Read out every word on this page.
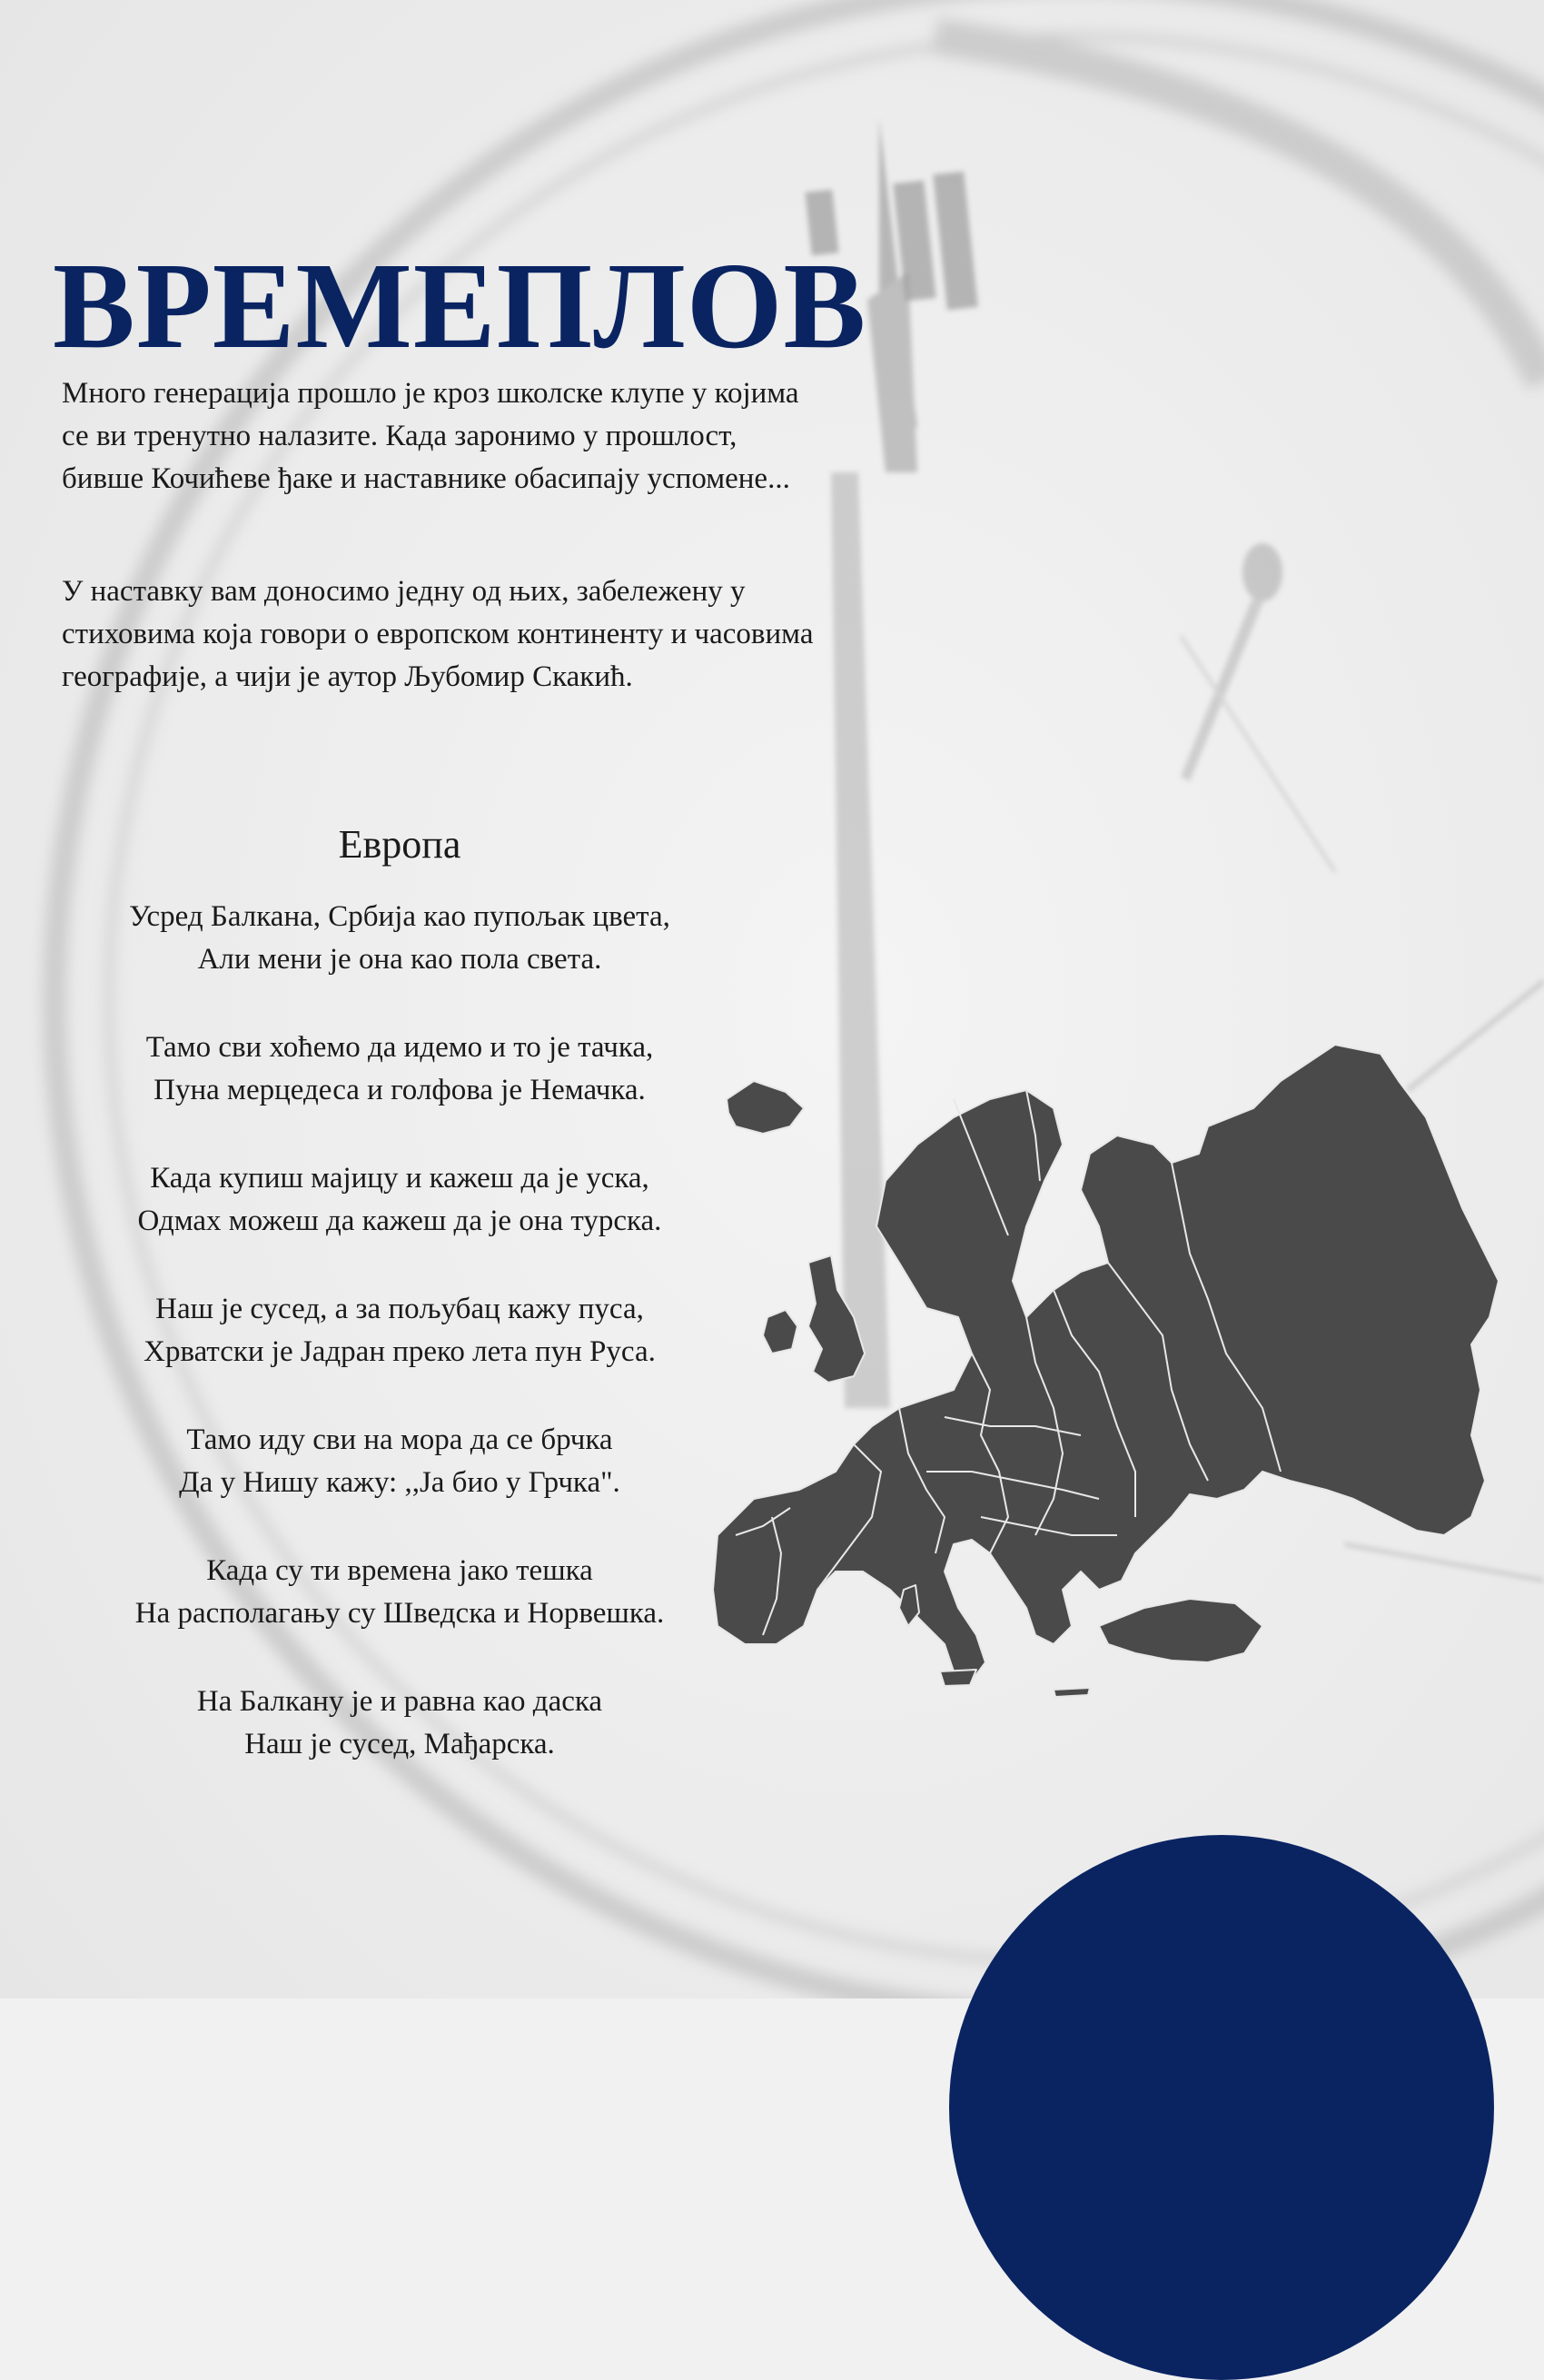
ВРЕМЕПЛОВ

Много генерација прошло је кроз школске клупе у којима се ви тренутно налазите. Када заронимо у прошлост, бивше Кочићеве ђаке и наставнике обасипају успомене...

У наставку вам доносимо једну од њих, забележену у стиховима која говори о европском континенту и часовима географије, а чији је аутор Љубомир Скакић.

Европа

Усред Балкана, Србија као пупољак цвета,
Али мени је она као пола света.

Тамо сви хоћемо да идемо и то је тачка,
Пуна мерцедеса и голфова је Немачка.

Када купиш мајицу и кажеш да је уска,
Одмах можеш да кажеш да је она турска.

Наш је сусед, а за пољубац кажу пуса,
Хрватски је Јадран преко лета пун Руса.

Тамо иду сви на мора да се брчка
Да у Нишу кажу: ,,Ја био у Грчка".

Када су ти времена јако тешка
На располагању су Шведска и Норвешка.

На Балкану је и равна као даска
Наш је сусед, Мађарска.
